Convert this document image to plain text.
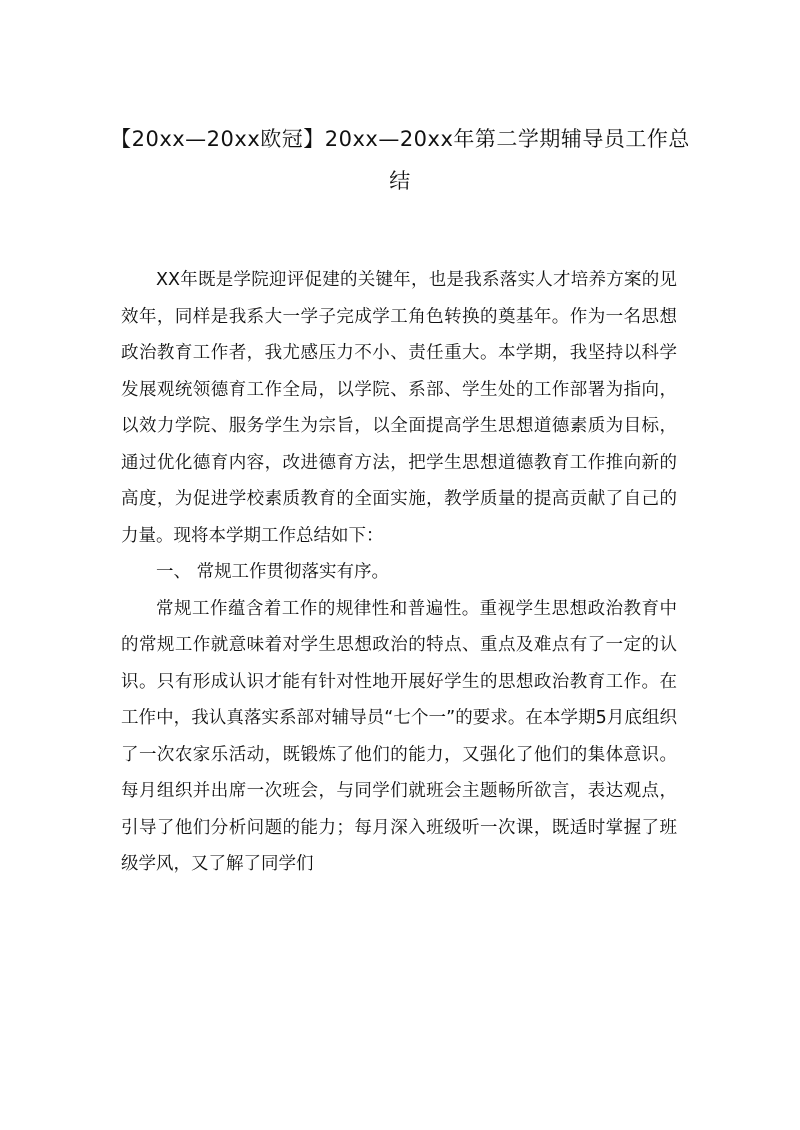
【20xx—20xx欧冠】20xx—20xx年第二学期辅导员工作总结

XX年既是学院迎评促建的关键年，也是我系落实人才培养方案的见效年，同样是我系大一学子完成学工角色转换的奠基年。作为一名思想政治教育工作者，我尤感压力不小、责任重大。本学期，我坚持以科学发展观统领德育工作全局，以学院、系部、学生处的工作部署为指向，以效力学院、服务学生为宗旨，以全面提高学生思想道德素质为目标，通过优化德育内容，改进德育方法，把学生思想道德教育工作推向新的高度，为促进学校素质教育的全面实施，教学质量的提高贡献了自己的力量。现将本学期工作总结如下：

一、 常规工作贯彻落实有序。

常规工作蕴含着工作的规律性和普遍性。重视学生思想政治教育中的常规工作就意味着对学生思想政治的特点、重点及难点有了一定的认识。只有形成认识才能有针对性地开展好学生的思想政治教育工作。在工作中，我认真落实系部对辅导员“七个一”的要求。在本学期5月底组织了一次农家乐活动，既锻炼了他们的能力，又强化了他们的集体意识。每月组织并出席一次班会，与同学们就班会主题畅所欲言，表达观点，引导了他们分析问题的能力；每月深入班级听一次课，既适时掌握了班级学风，又了解了同学们
